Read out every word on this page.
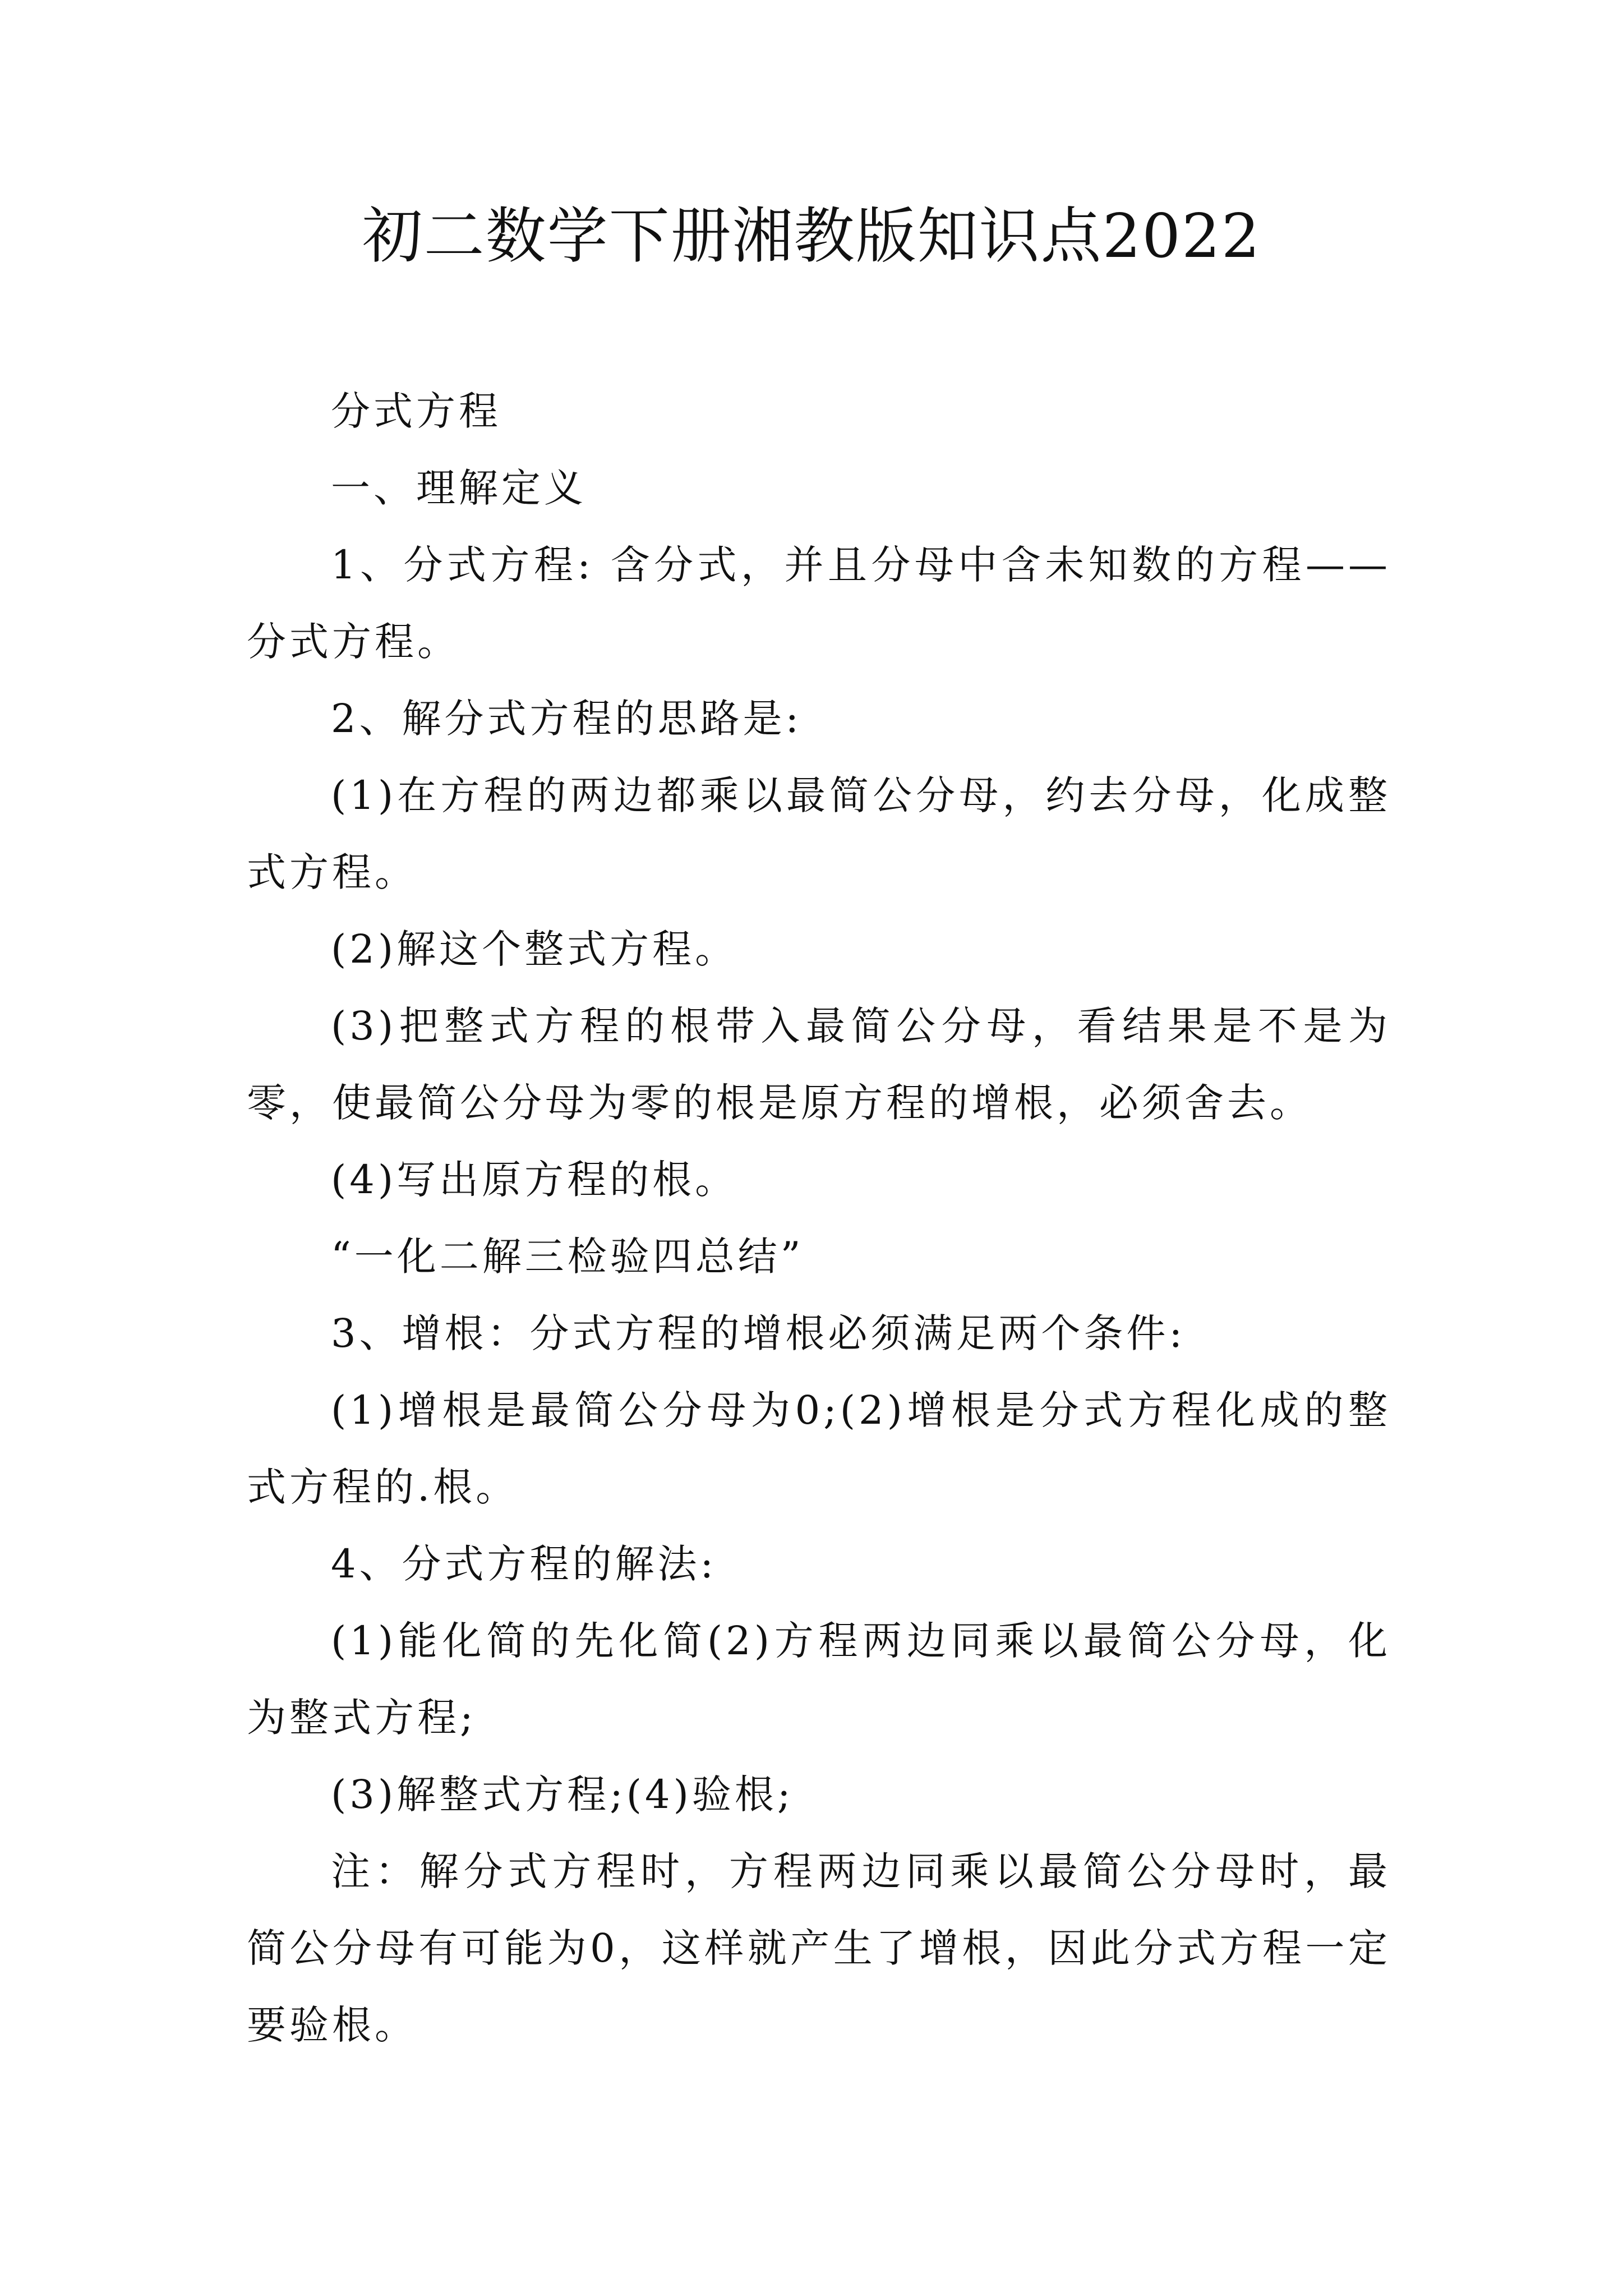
初二数学下册湘教版知识点2022

分式方程

一、理解定义

1、分式方程: 含分式，并且分母中含未知数的方程——分式方程。

2、解分式方程的思路是:

(1)在方程的两边都乘以最简公分母，约去分母，化成整式方程。

(2)解这个整式方程。

(3)把整式方程的根带入最简公分母，看结果是不是为零，使最简公分母为零的根是原方程的增根，必须舍去。

(4)写出原方程的根。

“一化二解三检验四总结”

3、增根：分式方程的增根必须满足两个条件:

(1)增根是最简公分母为0;(2)增根是分式方程化成的整式方程的.根。

4、分式方程的解法:

(1)能化简的先化简(2)方程两边同乘以最简公分母，化为整式方程;

(3)解整式方程;(4)验根;

注：解分式方程时，方程两边同乘以最简公分母时，最简公分母有可能为0，这样就产生了增根，因此分式方程一定要验根。
